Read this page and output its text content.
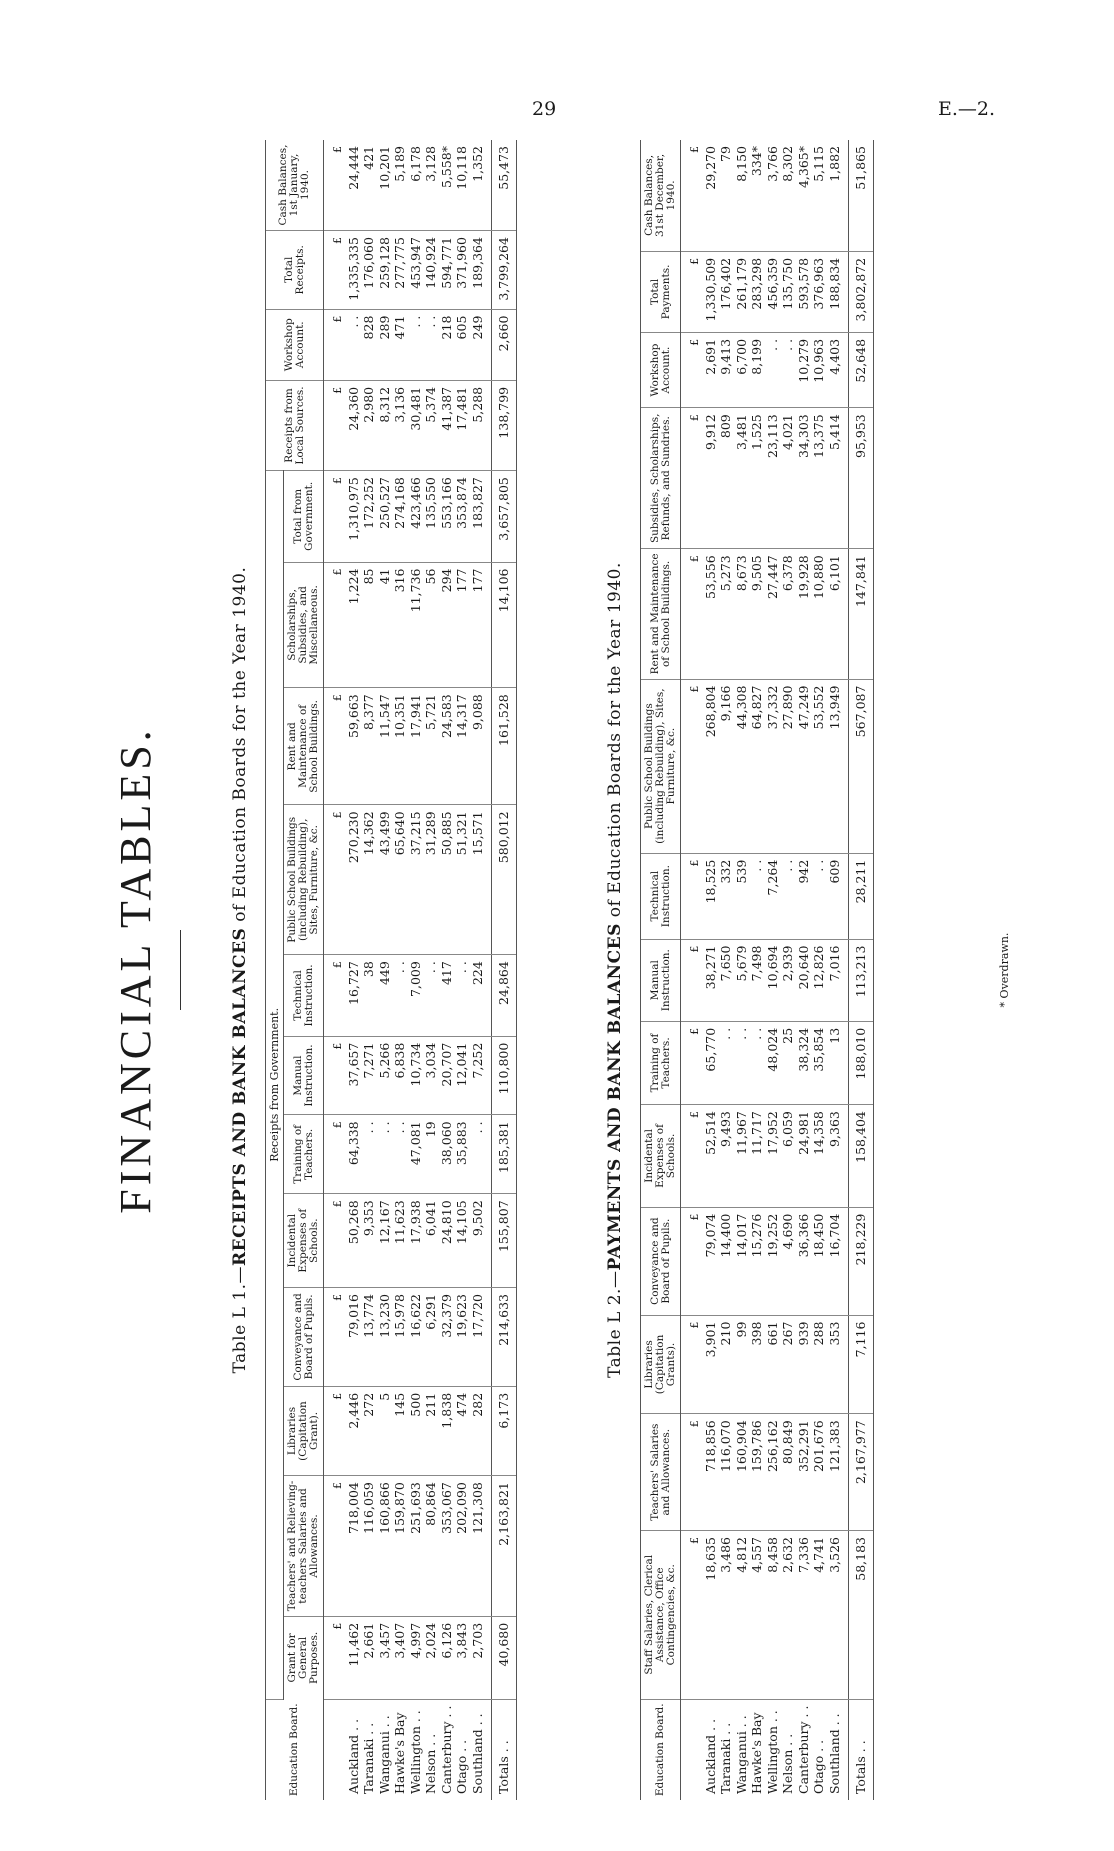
29	E.—2.
FINANCIAL TABLES.
Table L 1.—RECEIPTS AND BANK BALANCES of Education Boards for the Year 1940.
Education Board.	Receipts from Government.												Receipts from Local Sources.	Workshop Account.	Total Receipts.	Cash Balances, 1st January, 1940.
	Grant for General Purposes.	Teachers' and Relieving-teachers Salaries and Allowances.	Libraries (Capitation Grant).	Conveyance and Board of Pupils.	Incidental Expenses of Schools.	Training of Teachers.	Manual Instruction.	Technical Instruction.	Public School Buildings (including Rebuilding), Sites, Furniture, &c.	Rent and Maintenance of School Buildings.	Scholarships, Subsidies, and Miscellaneous.	Total from Government.				
	£	£	£	£	£	£	£	£	£	£	£	£	£	£	£	£
Auckland . .	11,462	718,004	2,446	79,016	50,268	64,338	37,657	16,727	270,230	59,663	1,224	1,310,975	24,360	. .	1,335,335	24,444
Taranaki . .	2,661	116,059	272	13,774	9,353	. .	7,271	38	14,362	8,377	85	172,252	2,980	828	176,060	421
Wanganui . .	3,457	160,866	5	13,230	12,167	. .	5,266	449	43,499	11,547	41	250,527	8,312	289	259,128	10,201
Hawke's Bay	3,407	159,870	145	15,978	11,623	. .	6,838	. .	65,640	10,351	316	274,168	3,136	471	277,775	5,189
Wellington . .	4,997	251,693	500	16,622	17,938	47,081	10,734	7,009	37,215	17,941	11,736	423,466	30,481	. .	453,947	6,178
Nelson . .	2,024	80,864	211	6,291	6,041	19	3,034	. .	31,289	5,721	56	135,550	5,374	. .	140,924	3,128
Canterbury . .	6,126	353,067	1,838	32,379	24,810	38,060	20,707	417	50,885	24,583	294	553,166	41,387	218	594,771	5,558*
Otago . .	3,843	202,090	474	19,623	14,105	35,883	12,041	. .	51,321	14,317	177	353,874	17,481	605	371,960	10,118
Southland . .	2,703	121,308	282	17,720	9,502	. .	7,252	224	15,571	9,088	177	183,827	5,288	249	189,364	1,352
Totals . .	40,680	2,163,821	6,173	214,633	155,807	185,381	110,800	24,864	580,012	161,528	14,106	3,657,805	138,799	2,660	3,799,264	55,473
Table L 2.—PAYMENTS AND BANK BALANCES of Education Boards for the Year 1940.
Education Board.	Staff Salaries, Clerical Assistance, Office Contingencies, &c.	Teachers' Salaries and Allowances.	Libraries (Capitation Grants).	Conveyance and Board of Pupils.	Incidental Expenses of Schools.	Training of Teachers.	Manual Instruction.	Technical Instruction.	Public School Buildings (including Rebuilding), Sites, Furniture, &c.	Rent and Maintenance of School Buildings.	Subsidies, Scholarships, Refunds, and Sundries.	Workshop Account.	Total Payments.	Cash Balances, 31st December, 1940.
	£	£	£	£	£	£	£	£	£	£	£	£	£	£
Auckland . .	18,635	718,856	3,901	79,074	52,514	65,770	38,271	18,525	268,804	53,556	9,912	2,691	1,330,509	29,270
Taranaki . .	3,486	116,070	210	14,400	9,493	. .	7,650	332	9,166	5,273	809	9,413	176,402	79
Wanganui . .	4,812	160,904	99	14,017	11,967	. .	5,679	539	44,308	8,673	3,481	6,700	261,179	8,150
Hawke's Bay	4,557	159,786	398	15,276	11,717	. .	7,498	. .	64,827	9,505	1,525	8,199	283,298	334*
Wellington . .	8,458	256,162	661	19,252	17,952	48,024	10,694	7,264	37,332	27,447	23,113	. .	456,359	3,766
Nelson . .	2,632	80,849	267	4,690	6,059	25	2,939	. .	27,890	6,378	4,021	. .	135,750	8,302
Canterbury . .	7,336	352,291	939	36,366	24,981	38,324	20,640	942	47,249	19,928	34,303	10,279	593,578	4,365*
Otago . .	4,741	201,676	288	18,450	14,358	35,854	12,826	. .	53,552	10,880	13,375	10,963	376,963	5,115
Southland . .	3,526	121,383	353	16,704	9,363	13	7,016	609	13,949	6,101	5,414	4,403	188,834	1,882
Totals . .	58,183	2,167,977	7,116	218,229	158,404	188,010	113,213	28,211	567,087	147,841	95,953	52,648	3,802,872	51,865
* Overdrawn.
